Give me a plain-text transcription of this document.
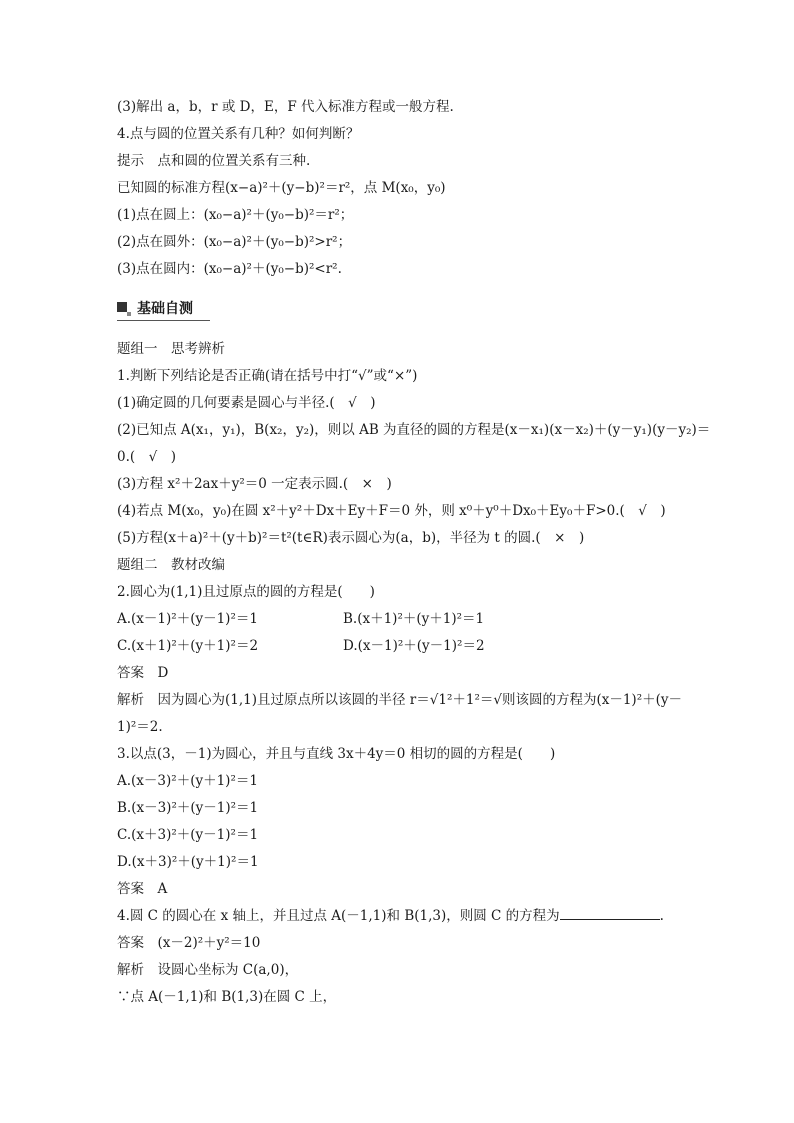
(3)解出 a，b，r 或 D，E，F 代入标准方程或一般方程.
4.点与圆的位置关系有几种？如何判断？
提示　点和圆的位置关系有三种.
已知圆的标准方程(x−a)²＋(y−b)²＝r²，点 M(x₀，y₀)
(1)点在圆上：(x₀−a)²＋(y₀−b)²＝r²；
(2)点在圆外：(x₀−a)²＋(y₀−b)²>r²；
(3)点在圆内：(x₀−a)²＋(y₀−b)²<r².
题组一　思考辨析
1.判断下列结论是否正确(请在括号中打“√”或“×”)
(1)确定圆的几何要素是圆心与半径.(　√　)
(2)已知点 A(x₁，y₁)，B(x₂，y₂)，则以 AB 为直径的圆的方程是(x－x₁)(x－x₂)＋(y－y₁)(y－y₂)＝
0.(　√　)
(3)方程 x²＋2ax＋y²＝0 一定表示圆.(　×　)
(4)若点 M(x₀，y₀)在圆 x²＋y²＋Dx＋Ey＋F＝0 外，则 x⁰＋y⁰＋Dx₀＋Ey₀＋F>0.(　√　)
(5)方程(x＋a)²＋(y＋b)²＝t²(t∈R)表示圆心为(a，b)，半径为 t 的圆.(　×　)
题组二　教材改编
2.圆心为(1,1)且过原点的圆的方程是(　　)
答案　D
解析　因为圆心为(1,1)且过原点所以该圆的半径 r＝√1²＋1²＝√则该圆的方程为(x－1)²＋(y－
1)²＝2.
3.以点(3，－1)为圆心，并且与直线 3x＋4y＝0 相切的圆的方程是(　　)
A.(x－3)²＋(y＋1)²＝1
B.(x－3)²＋(y－1)²＝1
C.(x＋3)²＋(y－1)²＝1
D.(x＋3)²＋(y＋1)²＝1
答案　A
答案　(x－2)²＋y²＝10
解析　设圆心坐标为 C(a,0)，
∵点 A(－1,1)和 B(1,3)在圆 C 上，
基础自测
A.(x－1)²＋(y－1)²＝1	B.(x＋1)²＋(y＋1)²＝1
C.(x＋1)²＋(y＋1)²＝2	D.(x－1)²＋(y－1)²＝2
4.圆 C 的圆心在 x 轴上，并且过点 A(－1,1)和 B(1,3)，则圆 C 的方程为	.
